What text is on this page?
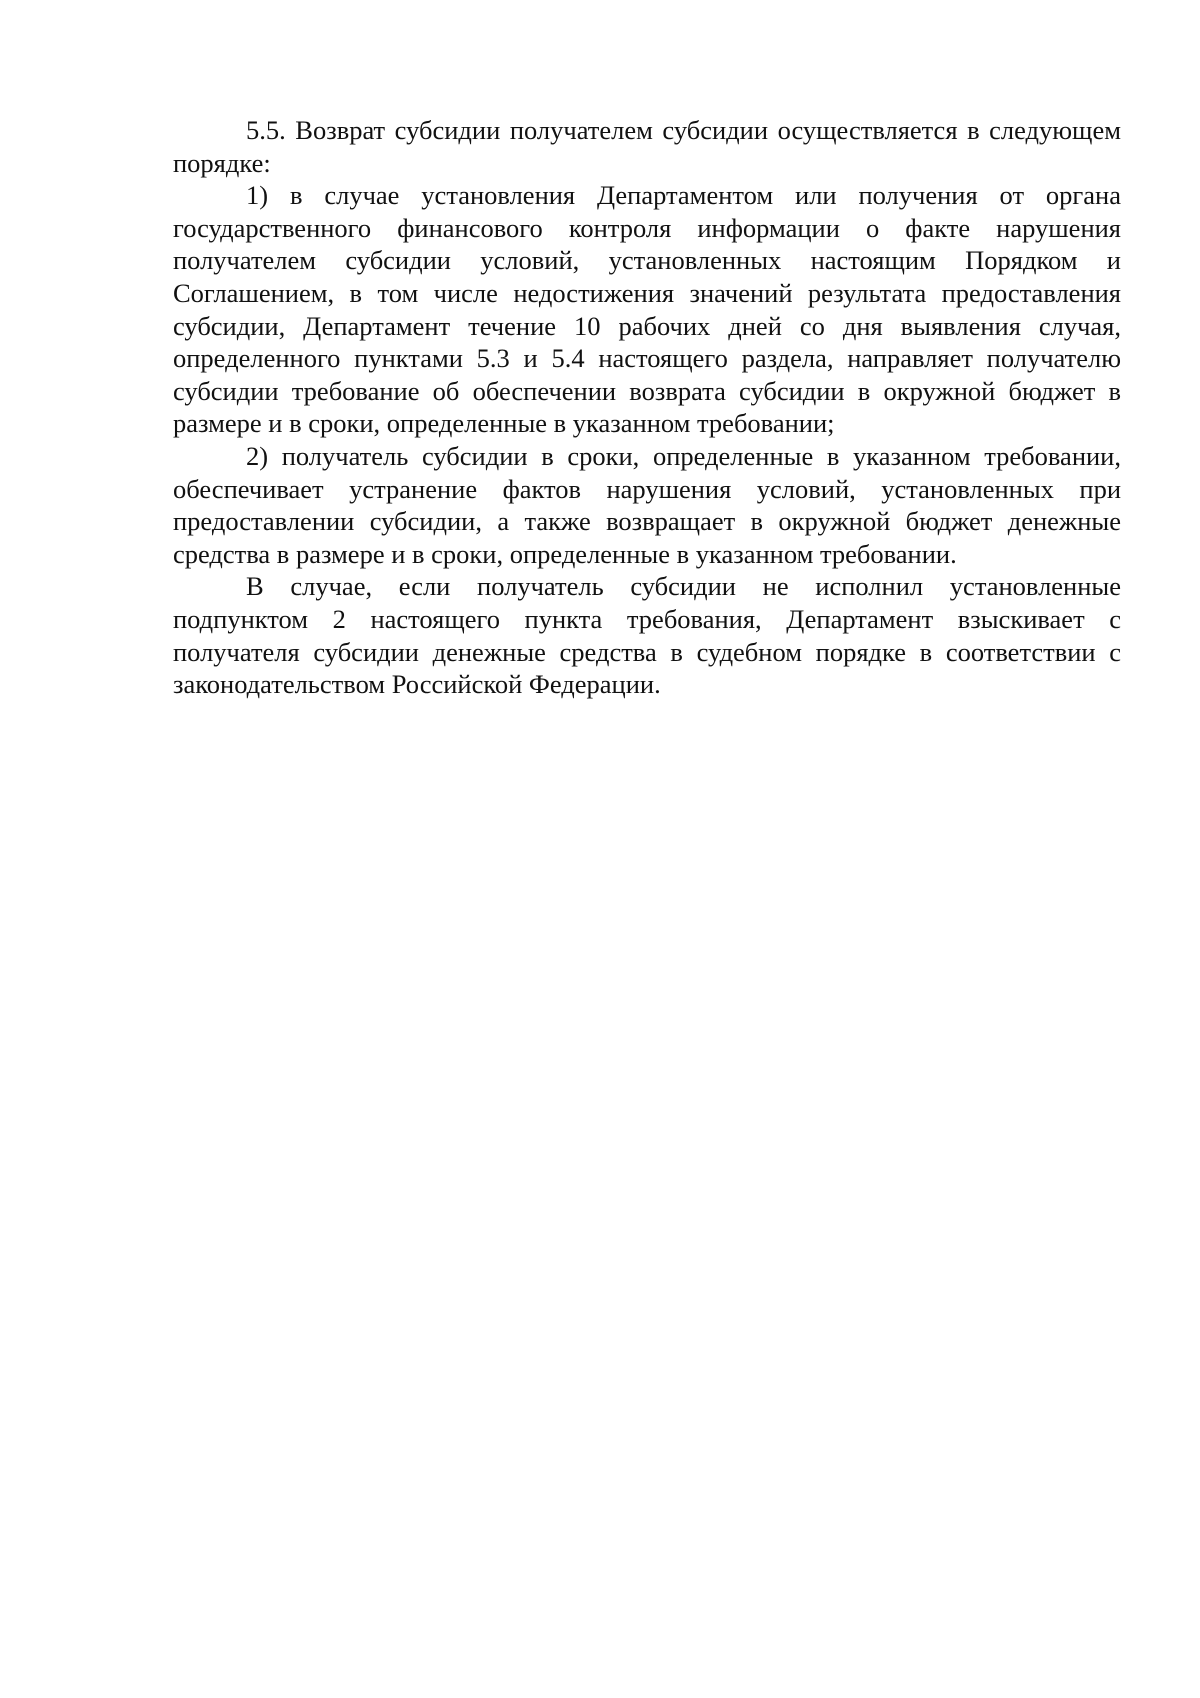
5.5. Возврат субсидии получателем субсидии осуществляется в следующем порядке:

1) в случае установления Департаментом или получения от органа государственного финансового контроля информации о факте нарушения получателем субсидии условий, установленных настоящим Порядком и Соглашением, в том числе недостижения значений результата предоставления субсидии, Департамент течение 10 рабочих дней со дня выявления случая, определенного пунктами 5.3 и 5.4 настоящего раздела, направляет получателю субсидии требование об обеспечении возврата субсидии в окружной бюджет в размере и в сроки, определенные в указанном требовании;

2) получатель субсидии в сроки, определенные в указанном требовании, обеспечивает устранение фактов нарушения условий, установленных при предоставлении субсидии, а также возвращает в окружной бюджет денежные средства в размере и в сроки, определенные в указанном требовании.

В случае, если получатель субсидии не исполнил установленные подпунктом 2 настоящего пункта требования, Департамент взыскивает с получателя субсидии денежные средства в судебном порядке в соответствии с законодательством Российской Федерации.
